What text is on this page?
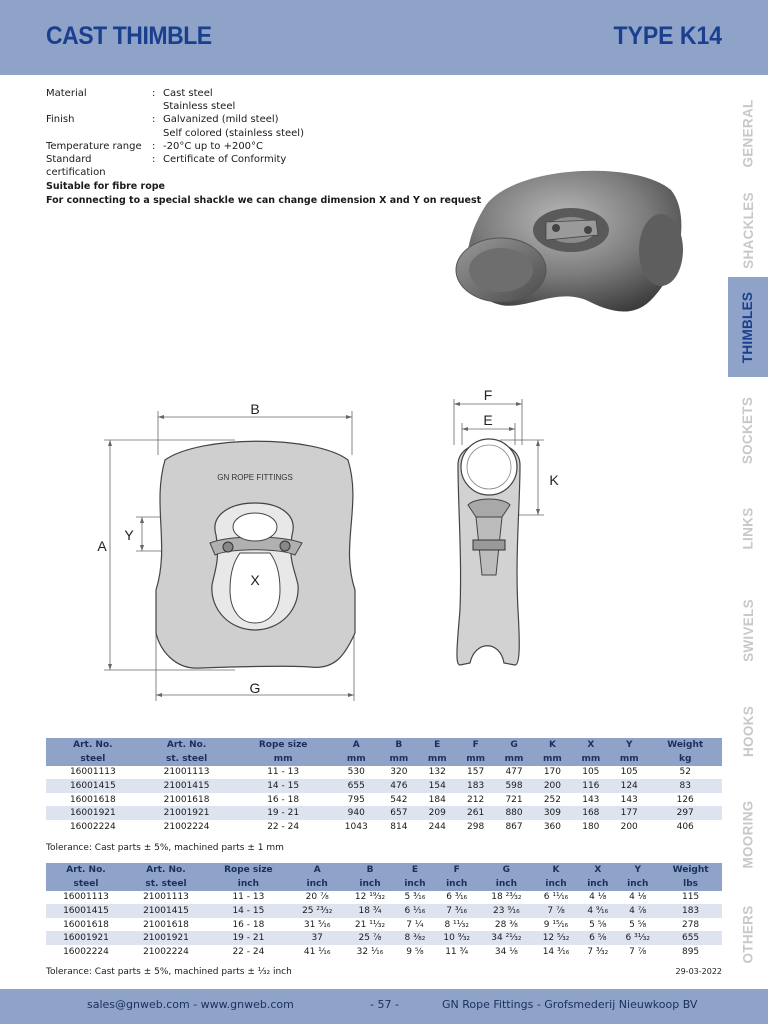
CAST THIMBLE	TYPE K14
Material	: Cast steel
Stainless steel
Finish	: Galvanized (mild steel)
Self colored (stainless steel)
Temperature range	: -20°C up to +200°C
Standard certification
: Certificate of Conformity
Suitable for fibre rope
For connecting to a special shackle we can change dimension X and Y on request
GENERAL
SHACKLES
THIMBLES
SOCKETS
LINKS
SWIVELS
HOOKS
MOORING
OTHERS
GN ROPE FITTINGS
B
A
G
Y
X
F
E
K
Art. No.	Art. No.	Rope size	A	B	E	F	G	K	X	Y	Weight
steel	st. steel	mm	mm	mm	mm	mm	mm	mm	mm	mm	kg
16001113	21001113	11 - 13	530	320	132	157	477	170	105	105	52
16001415	21001415	14 - 15	655	476	154	183	598	200	116	124	83
16001618	21001618	16 - 18	795	542	184	212	721	252	143	143	126
16001921	21001921	19 - 21	940	657	209	261	880	309	168	177	297
16002224	21002224	22 - 24	1043	814	244	298	867	360	180	200	406
Tolerance: Cast parts ± 5%, machined parts ± 1 mm
Art. No.	Art. No.	Rope size	A	B	E	F	G	K	X	Y	Weight
steel	st. steel	inch	inch	inch	inch	inch	inch	inch	inch	inch	lbs
16001113	21001113	11 - 13	20 ⅞	12 ¹⁹⁄₃₂	5 ³⁄₁₆	6 ³⁄₁₆	18 ²³⁄₃₂	6 ¹¹⁄₁₆	4 ⅛	4 ⅛	115
16001415	21001415	14 - 15	25 ²³⁄₃₂	18 ¾	6 ¹⁄₁₆	7 ³⁄₁₆	23 ⁹⁄₁₆	7 ⅞	4 ⁹⁄₁₆	4 ⅞	183
16001618	21001618	16 - 18	31 ⁵⁄₁₆	21 ¹¹⁄₃₂	7 ¼	8 ¹¹⁄₃₂	28 ⅜	9 ¹⁵⁄₁₆	5 ⅝	5 ⅝	278
16001921	21001921	19 - 21	37	25 ⅞	8 ⅜₂	10 ⁹⁄₃₂	34 ²¹⁄₃₂	12 ⁵⁄₃₂	6 ⅝	6 ³¹⁄₃₂	655
16002224	21002224	22 - 24	41 ¹⁄₁₆	32 ¹⁄₁₆	9 ⅝	11 ¾	34 ⅛	14 ³⁄₁₆	7 ³⁄₃₂	7 ⅞	895
Tolerance: Cast parts ± 5%, machined parts ± ¹⁄₃₂ inch	29-03-2022
sales@gnweb.com - www.gnweb.com	- 57 -	GN Rope Fittings - Grofsmederij Nieuwkoop BV
